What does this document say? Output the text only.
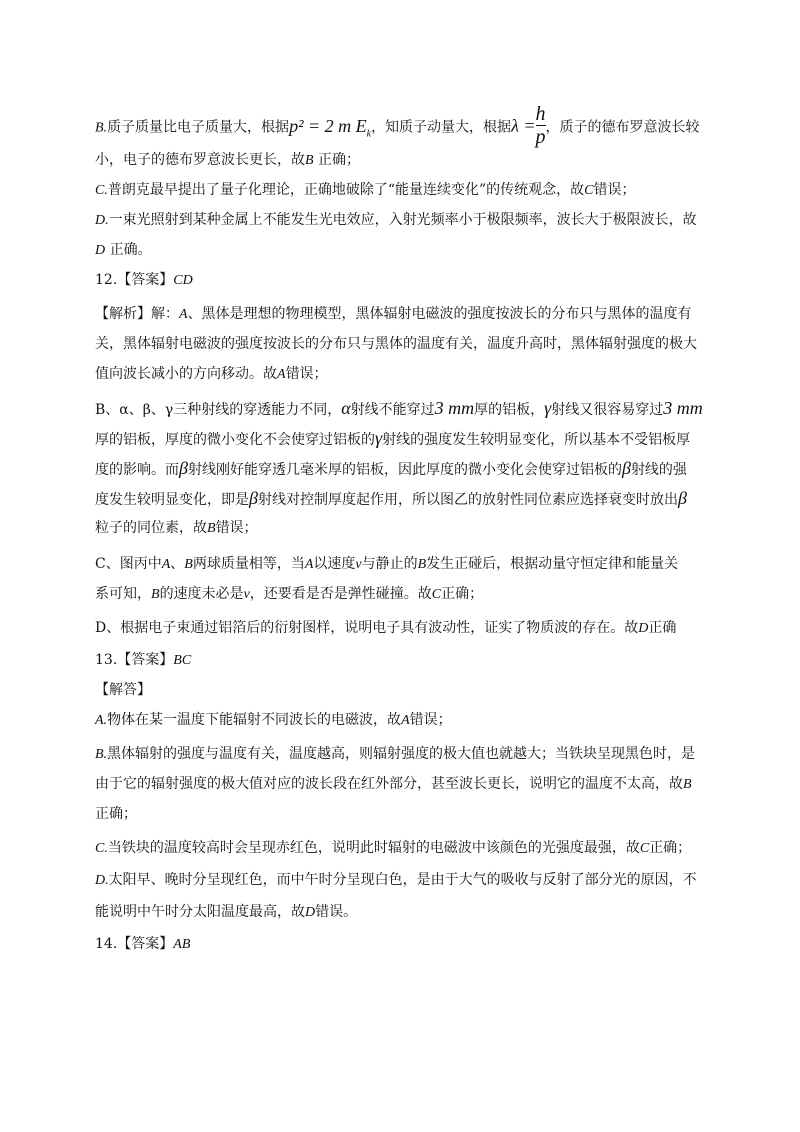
B.质子质量比电子质量大，根据p² = 2 m $E_k$，知质子动量大，根据$\lambda = \frac{h}{p}$ ，质子的德布罗意波长较
小，电子的德布罗意波长更长，故B 正确；
C.普朗克最早提出了量子化理论，正确地破除了“能量连续变化”的传统观念，故C错误；
D.一束光照射到某种金属上不能发生光电效应，入射光频率小于极限频率，波长大于极限波长，故
D 正确。
12.【答案】CD
【解析】解：A、黑体是理想的物理模型，黑体辐射电磁波的强度按波长的分布只与黑体的温度有
关，黑体辐射电磁波的强度按波长的分布只与黑体的温度有关，温度升高时，黑体辐射强度的极大
值向波长减小的方向移动。故A错误；
B、α、β、γ三种射线的穿透能力不同，α射线不能穿过3 mm厚的铝板，γ射线又很容易穿过3 mm
厚的铝板，厚度的微小变化不会使穿过铝板的γ射线的强度发生较明显变化，所以基本不受铝板厚
度的影响。而β射线刚好能穿透几毫米厚的铝板，因此厚度的微小变化会使穿过铝板的β射线的强
度发生较明显变化，即是β射线对控制厚度起作用，所以图乙的放射性同位素应选择衰变时放出β
粒子的同位素，故B错误；
C、图丙中A、B两球质量相等，当A以速度v与静止的B发生正碰后，根据动量守恒定律和能量关
系可知，B的速度未必是v，还要看是否是弹性碰撞。故C正确；
D、根据电子束通过铝箔后的衍射图样，说明电子具有波动性，证实了物质波的存在。故D正确
13.【答案】BC
【解答】
A.物体在某一温度下能辐射不同波长的电磁波，故A错误；
B.黑体辐射的强度与温度有关，温度越高，则辐射强度的极大值也就越大；当铁块呈现黑色时，是
由于它的辐射强度的极大值对应的波长段在红外部分，甚至波长更长，说明它的温度不太高，故B
正确；
C.当铁块的温度较高时会呈现赤红色，说明此时辐射的电磁波中该颜色的光强度最强，故C正确；
D.太阳早、晚时分呈现红色，而中午时分呈现白色，是由于大气的吸收与反射了部分光的原因，不
能说明中午时分太阳温度最高，故D错误。
14.【答案】AB
